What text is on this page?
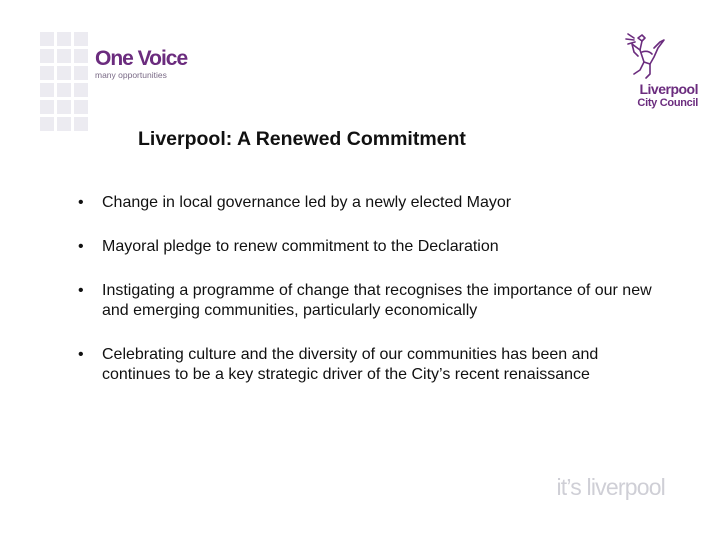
One Voice
many opportunities
Liverpool
City Council
Liverpool: A Renewed Commitment
• Change in local governance led by a newly elected Mayor
• Mayoral pledge to renew commitment to the Declaration
• Instigating a programme of change that recognises the importance of our new and emerging communities, particularly economically
• Celebrating culture and the diversity of our communities has been and continues to be a key strategic driver of the City’s recent renaissance
it’s liverpool
